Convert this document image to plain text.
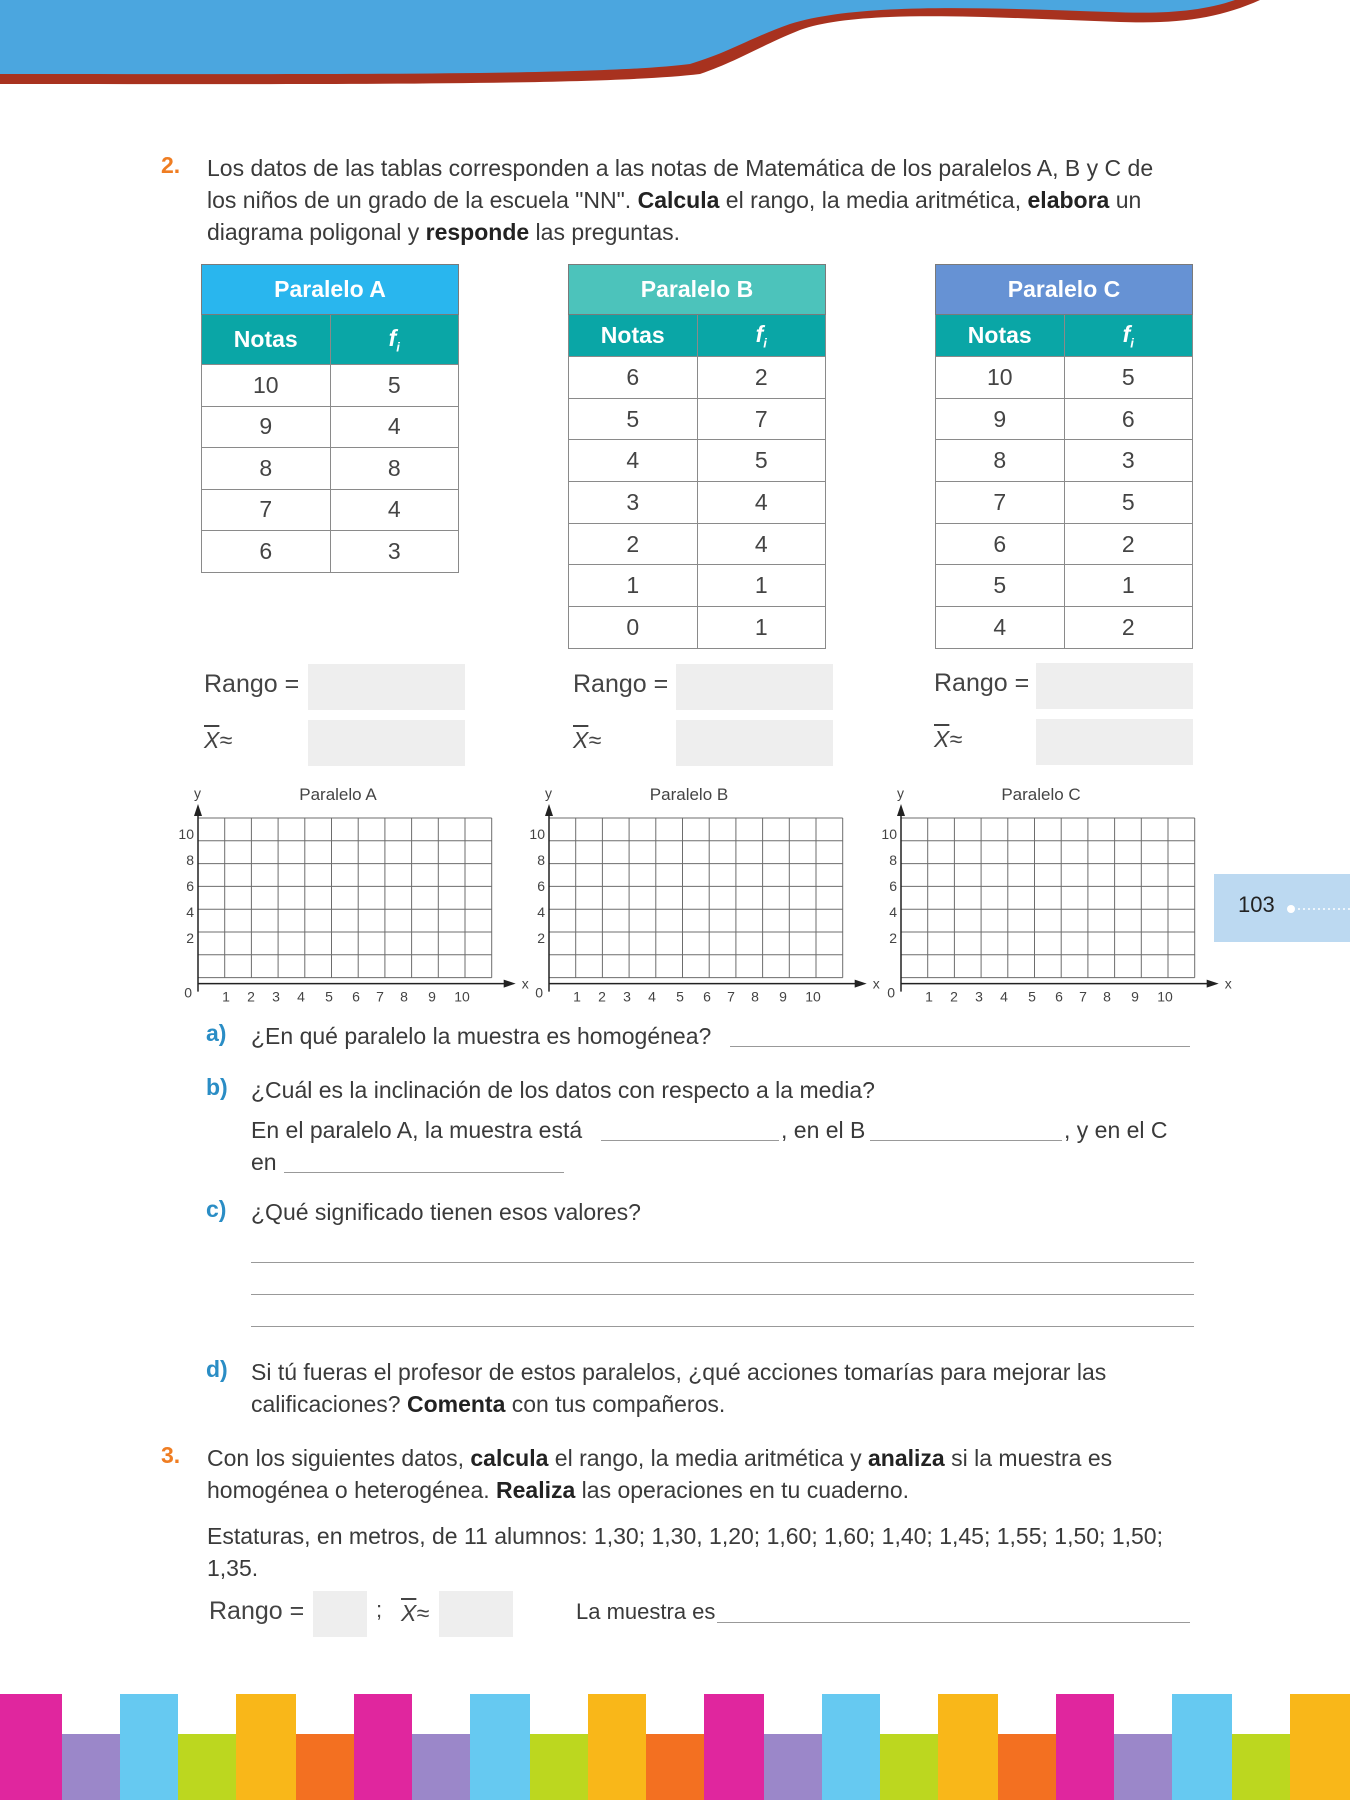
2. Los datos de las tablas corresponden a las notas de Matemática de los paralelos A, B y C de
los niños de un grado de la escuela "NN". Calcula el rango, la media aritmética, elabora un
diagrama poligonal y responde las preguntas.
Paralelo A	
Notas	$f_i$
10	5
9	4
8	8
7	4
6	3
Paralelo B	
Notas	$f_i$
6	2
5	7
4	5
3	4
2	4
1	1
0	1
Paralelo C	
Notas	$f_i$
10	5
9	6
8	3
7	5
6	2
5	1
4	2
Rango =
$\overline{X}\approx$
Rango =
$\overline{X}\approx$
Rango =
$\overline{X}\approx$
x
y	Paralelo A
10
8
6
4
2
0 1 2 3 4 5 6 7 8 9 10
x
y	Paralelo B
10
8
6
4
2
0 1 2 3 4 5 6 7 8 9 10
x
y	Paralelo C
10
8
6
4
2
0 1 2 3 4 5 6 7 8 9 10
103
a) ¿En qué paralelo la muestra es homogénea?
b) ¿Cuál es la inclinación de los datos con respecto a la media?
En el paralelo A, la muestra está	, en el B	, y en el C
en
c) ¿Qué significado tienen esos valores?
d) Si tú fueras el profesor de estos paralelos, ¿qué acciones tomarías para mejorar las
calificaciones? Comenta con tus compañeros.
3. Con los siguientes datos, calcula el rango, la media aritmética y analiza si la muestra es
homogénea o heterogénea. Realiza las operaciones en tu cuaderno.
Estaturas, en metros, de 11 alumnos: 1,30; 1,30, 1,20; 1,60; 1,60; 1,40; 1,45; 1,55; 1,50; 1,50;
1,35.
Rango =	; $\overline{X}\approx$	La muestra es
